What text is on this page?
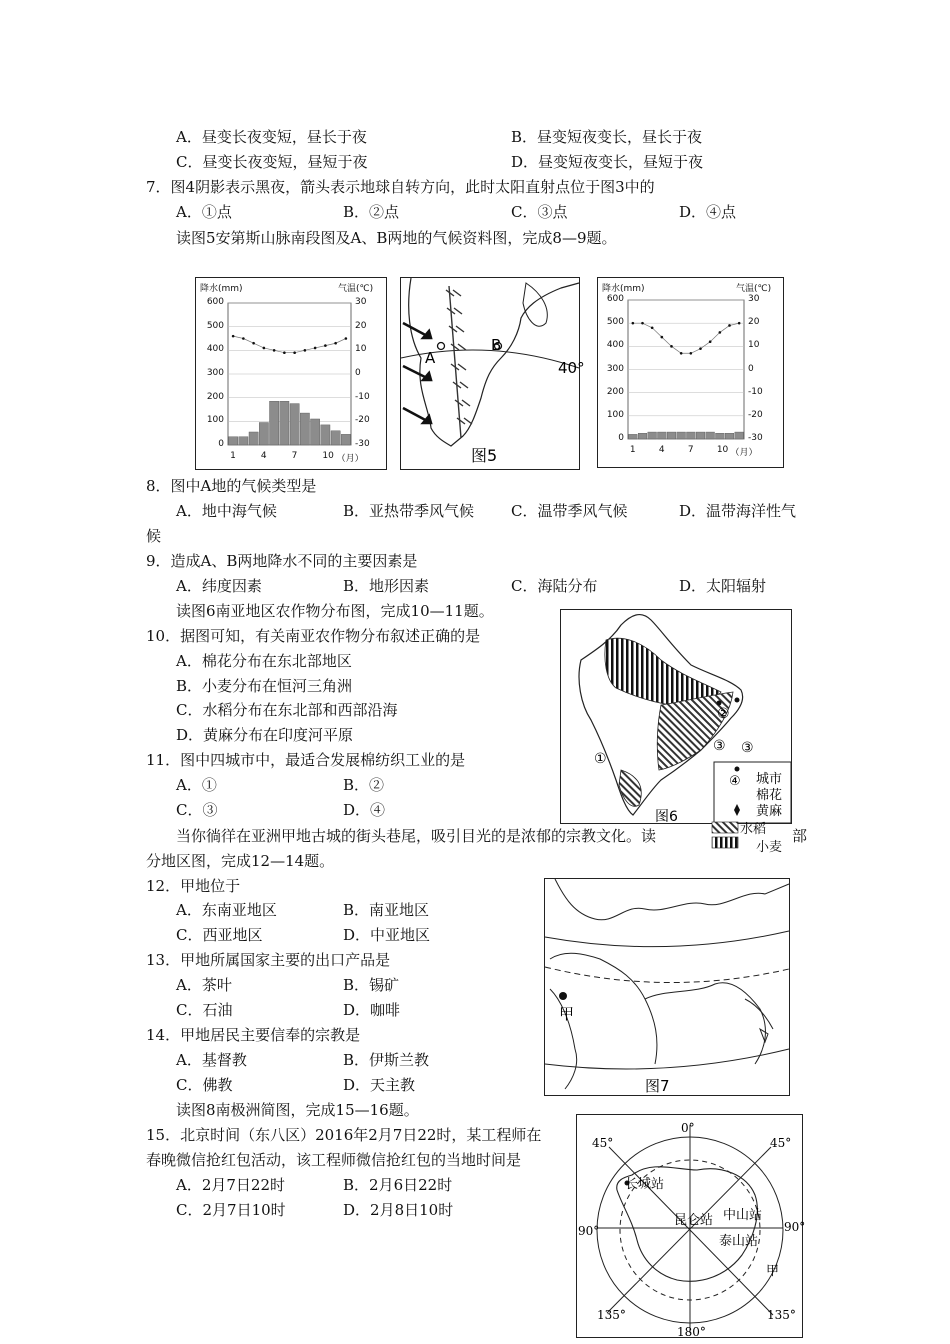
A．昼变长夜变短，昼长于夜	B．昼变短夜变长，昼长于夜
C．昼变长夜变短，昼短于夜	D．昼变短夜变长，昼短于夜
7．图4阴影表示黑夜，箭头表示地球自转方向，此时太阳直射点位于图3中的
A．①点	B．②点	C．③点	D．④点
读图5安第斯山脉南段图及A、B两地的气候资料图，完成8—9题。
降水(mm)	气温(℃)
600	30
500	20
400	10
300	0
200	-10
100	-20
0	-30
1	4	7	10 （月）
A
B
40°
图5
降水(mm)	气温(℃)
600	30
500	20
400	10
300	0
200	-10
100	-20
0	-30
1	4	7	10 （月）
8．图中A地的气候类型是
A．地中海气候	B．亚热带季风气候 C．温带季风气候	D．温带海洋性气
候
9．造成A、B两地降水不同的主要因素是
A．纬度因素	B．地形因素	C．海陆分布	D．太阳辐射
读图6南亚地区农作物分布图，完成10—11题。
10．据图可知，有关南亚农作物分布叙述正确的是
A．棉花分布在东北部地区
B．小麦分布在恒河三角洲
C．水稻分布在东北部和西部沿海
D．黄麻分布在印度河平原
11．图中四城市中，最适合发展棉纺织工业的是
A．①	B．②
C．③	D．④
②
③ ③
①
图6
④ 城市
棉花
黄麻
水稻
小麦
当你徜徉在亚洲甲地古城的街头巷尾，吸引目光的是浓郁的宗教文化。读	部
分地区图，完成12—14题。
12．甲地位于
A．东南亚地区	B．南亚地区
C．西亚地区	D．中亚地区
13．甲地所属国家主要的出口产品是
A．茶叶	B．锡矿
C．石油	D．咖啡
14．甲地居民主要信奉的宗教是
A．基督教	B．伊斯兰教
C．佛教	D．天主教
读图8南极洲简图，完成15—16题。
甲
图7
15．北京时间（东八区）2016年2月7日22时，某工程师在
春晚微信抢红包活动，该工程师微信抢红包的当地时间是
A．2月7日22时	B．2月6日22时
C．2月7日10时	D．2月8日10时
45°
0°
45°
90°	90°
135°	135°
180°
长城站
昆仑站 中山站
泰山站
甲
